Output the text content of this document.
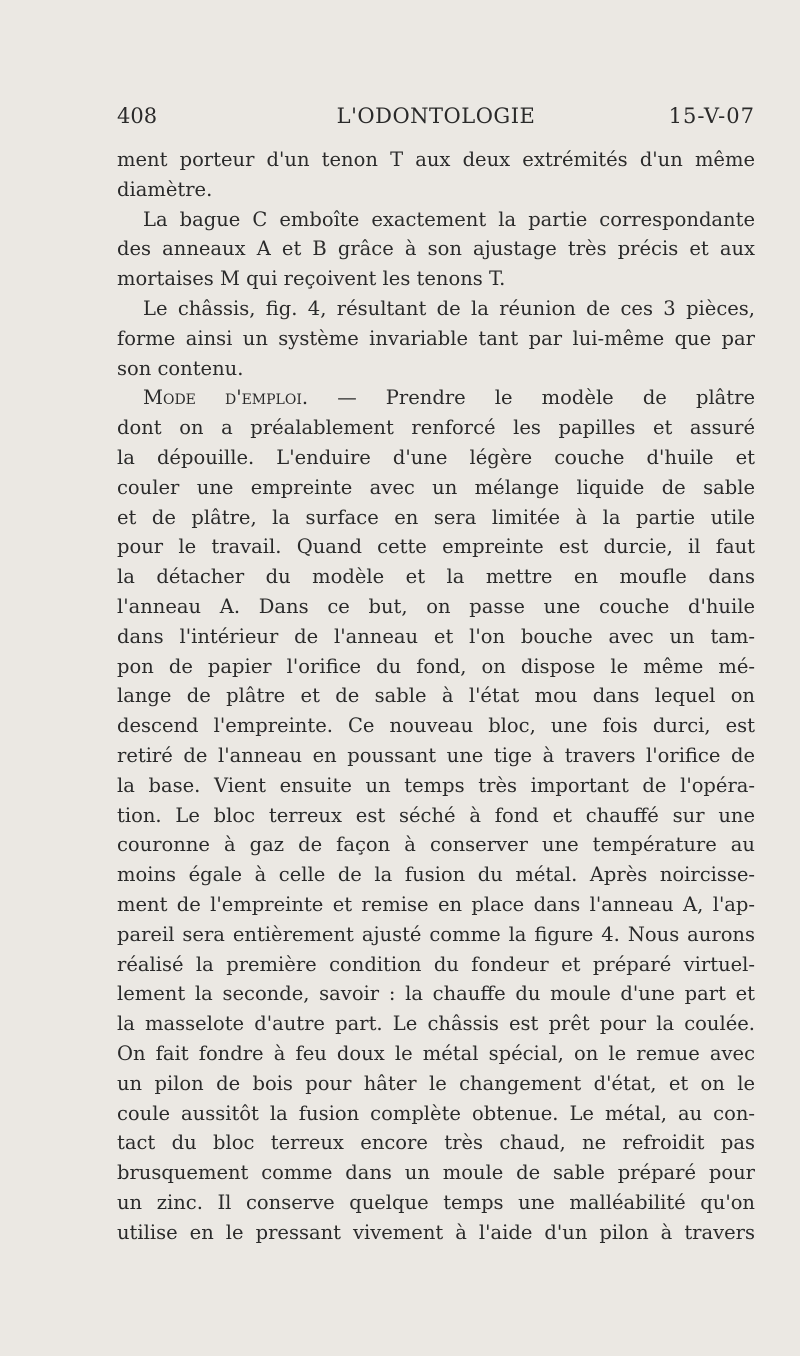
408	L'ODONTOLOGIE	15-V-07
ment porteur d'un tenon T aux deux extrémités d'un même
diamètre.
La bague C emboîte exactement la partie correspondante
des anneaux A et B grâce à son ajustage très précis et aux
mortaises M qui reçoivent les tenons T.
Le châssis, fig. 4, résultant de la réunion de ces 3 pièces,
forme ainsi un système invariable tant par lui-même que par
son contenu.
Mode d'emploi. — Prendre le modèle de plâtre
dont on a préalablement renforcé les papilles et assuré
la dépouille. L'enduire d'une légère couche d'huile et
couler une empreinte avec un mélange liquide de sable
et de plâtre, la surface en sera limitée à la partie utile
pour le travail. Quand cette empreinte est durcie, il faut
la détacher du modèle et la mettre en moufle dans
l'anneau A. Dans ce but, on passe une couche d'huile
dans l'intérieur de l'anneau et l'on bouche avec un tam-
pon de papier l'orifice du fond, on dispose le même mé-
lange de plâtre et de sable à l'état mou dans lequel on
descend l'empreinte. Ce nouveau bloc, une fois durci, est
retiré de l'anneau en poussant une tige à travers l'orifice de
la base. Vient ensuite un temps très important de l'opéra-
tion. Le bloc terreux est séché à fond et chauffé sur une
couronne à gaz de façon à conserver une température au
moins égale à celle de la fusion du métal. Après noircisse-
ment de l'empreinte et remise en place dans l'anneau A, l'ap-
pareil sera entièrement ajusté comme la figure 4. Nous aurons
réalisé la première condition du fondeur et préparé virtuel-
lement la seconde, savoir : la chauffe du moule d'une part et
la masselote d'autre part. Le châssis est prêt pour la coulée.
On fait fondre à feu doux le métal spécial, on le remue avec
un pilon de bois pour hâter le changement d'état, et on le
coule aussitôt la fusion complète obtenue. Le métal, au con-
tact du bloc terreux encore très chaud, ne refroidit pas
brusquement comme dans un moule de sable préparé pour
un zinc. Il conserve quelque temps une malléabilité qu'on
utilise en le pressant vivement à l'aide d'un pilon à travers
